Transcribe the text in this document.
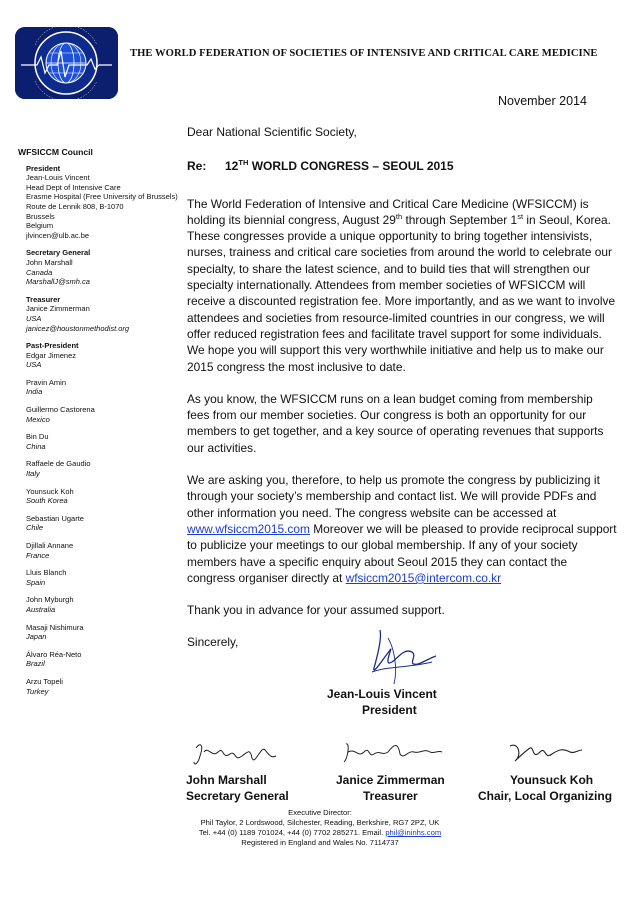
THE WORLD FEDERATION OF SOCIETIES OF INTENSIVE AND CRITICAL CARE MEDICINE
November 2014
WFSICCM Council
President
Jean-Louis Vincent
Head Dept of Intensive Care
Erasme Hospital (Free University of Brussels)
Route de Lennik 808, B-1070
Brussels
Belgium
jlvincen@ulb.ac.be
Secretary General
John Marshall
Canada
MarshallJ@smh.ca
Treasurer
Janice Zimmerman
USA
janicez@houstonmethodist.org
Past-President
Edgar Jimenez
USA
Pravin Amin
India
Guillermo Castorena
Mexico
Bin Du
China
Raffaele de Gaudio
Italy
Younsuck Koh
South Korea
Sebastian Ugarte
Chile
Djillali Annane
France
Lluis Blanch
Spain
John Myburgh
Australia
Masaji Nishimura
Japan
Álvaro Réa-Neto
Brazil
Arzu Topeli
Turkey
Dear National Scientific Society,
Re:	12TH WORLD CONGRESS – SEOUL 2015

The World Federation of Intensive and Critical Care Medicine (WFSICCM) is holding its biennial congress, August 29th through September 1st in Seoul, Korea. These congresses provide a unique opportunity to bring together intensivists, nurses, trainess and critical care societies from around the world to celebrate our specialty, to share the latest science, and to build ties that will strengthen our specialty internationally. Attendees from member societies of WFSICCM will receive a discounted registration fee. More importantly, and as we want to involve attendees and societies from resource-limited countries in our congress, we will offer reduced registration fees and facilitate travel support for some individuals. We hope you will support this very worthwhile initiative and help us to make our 2015 congress the most inclusive to date.

As you know, the WFSICCM runs on a lean budget coming from membership fees from our member societies. Our congress is both an opportunity for our members to get together, and a key source of operating revenues that supports our activities.

We are asking you, therefore, to help us promote the congress by publicizing it through your society’s membership and contact list. We will provide PDFs and other information you need. The congress website can be accessed at www.wfsiccm2015.com Moreover we will be pleased to provide reciprocal support to publicize your meetings to our global membership. If any of your society members have a specific enquiry about Seoul 2015 they can contact the congress organiser directly at wfsiccm2015@intercom.co.kr

Thank you in advance for your assumed support.

Sincerely,

Jean-Louis Vincent
President
John Marshall
Secretary General
Janice Zimmerman
Treasurer
Younsuck Koh
Chair, Local Organizing
Executive Director:
Phil Taylor, 2 Lordswood, Silchester, Reading, Berkshire, RG7 2PZ, UK
Tel. +44 (0) 1189 701024, +44 (0) 7702 285271. Email. phil@ininhs.com
Registered in England and Wales No. 7114737
